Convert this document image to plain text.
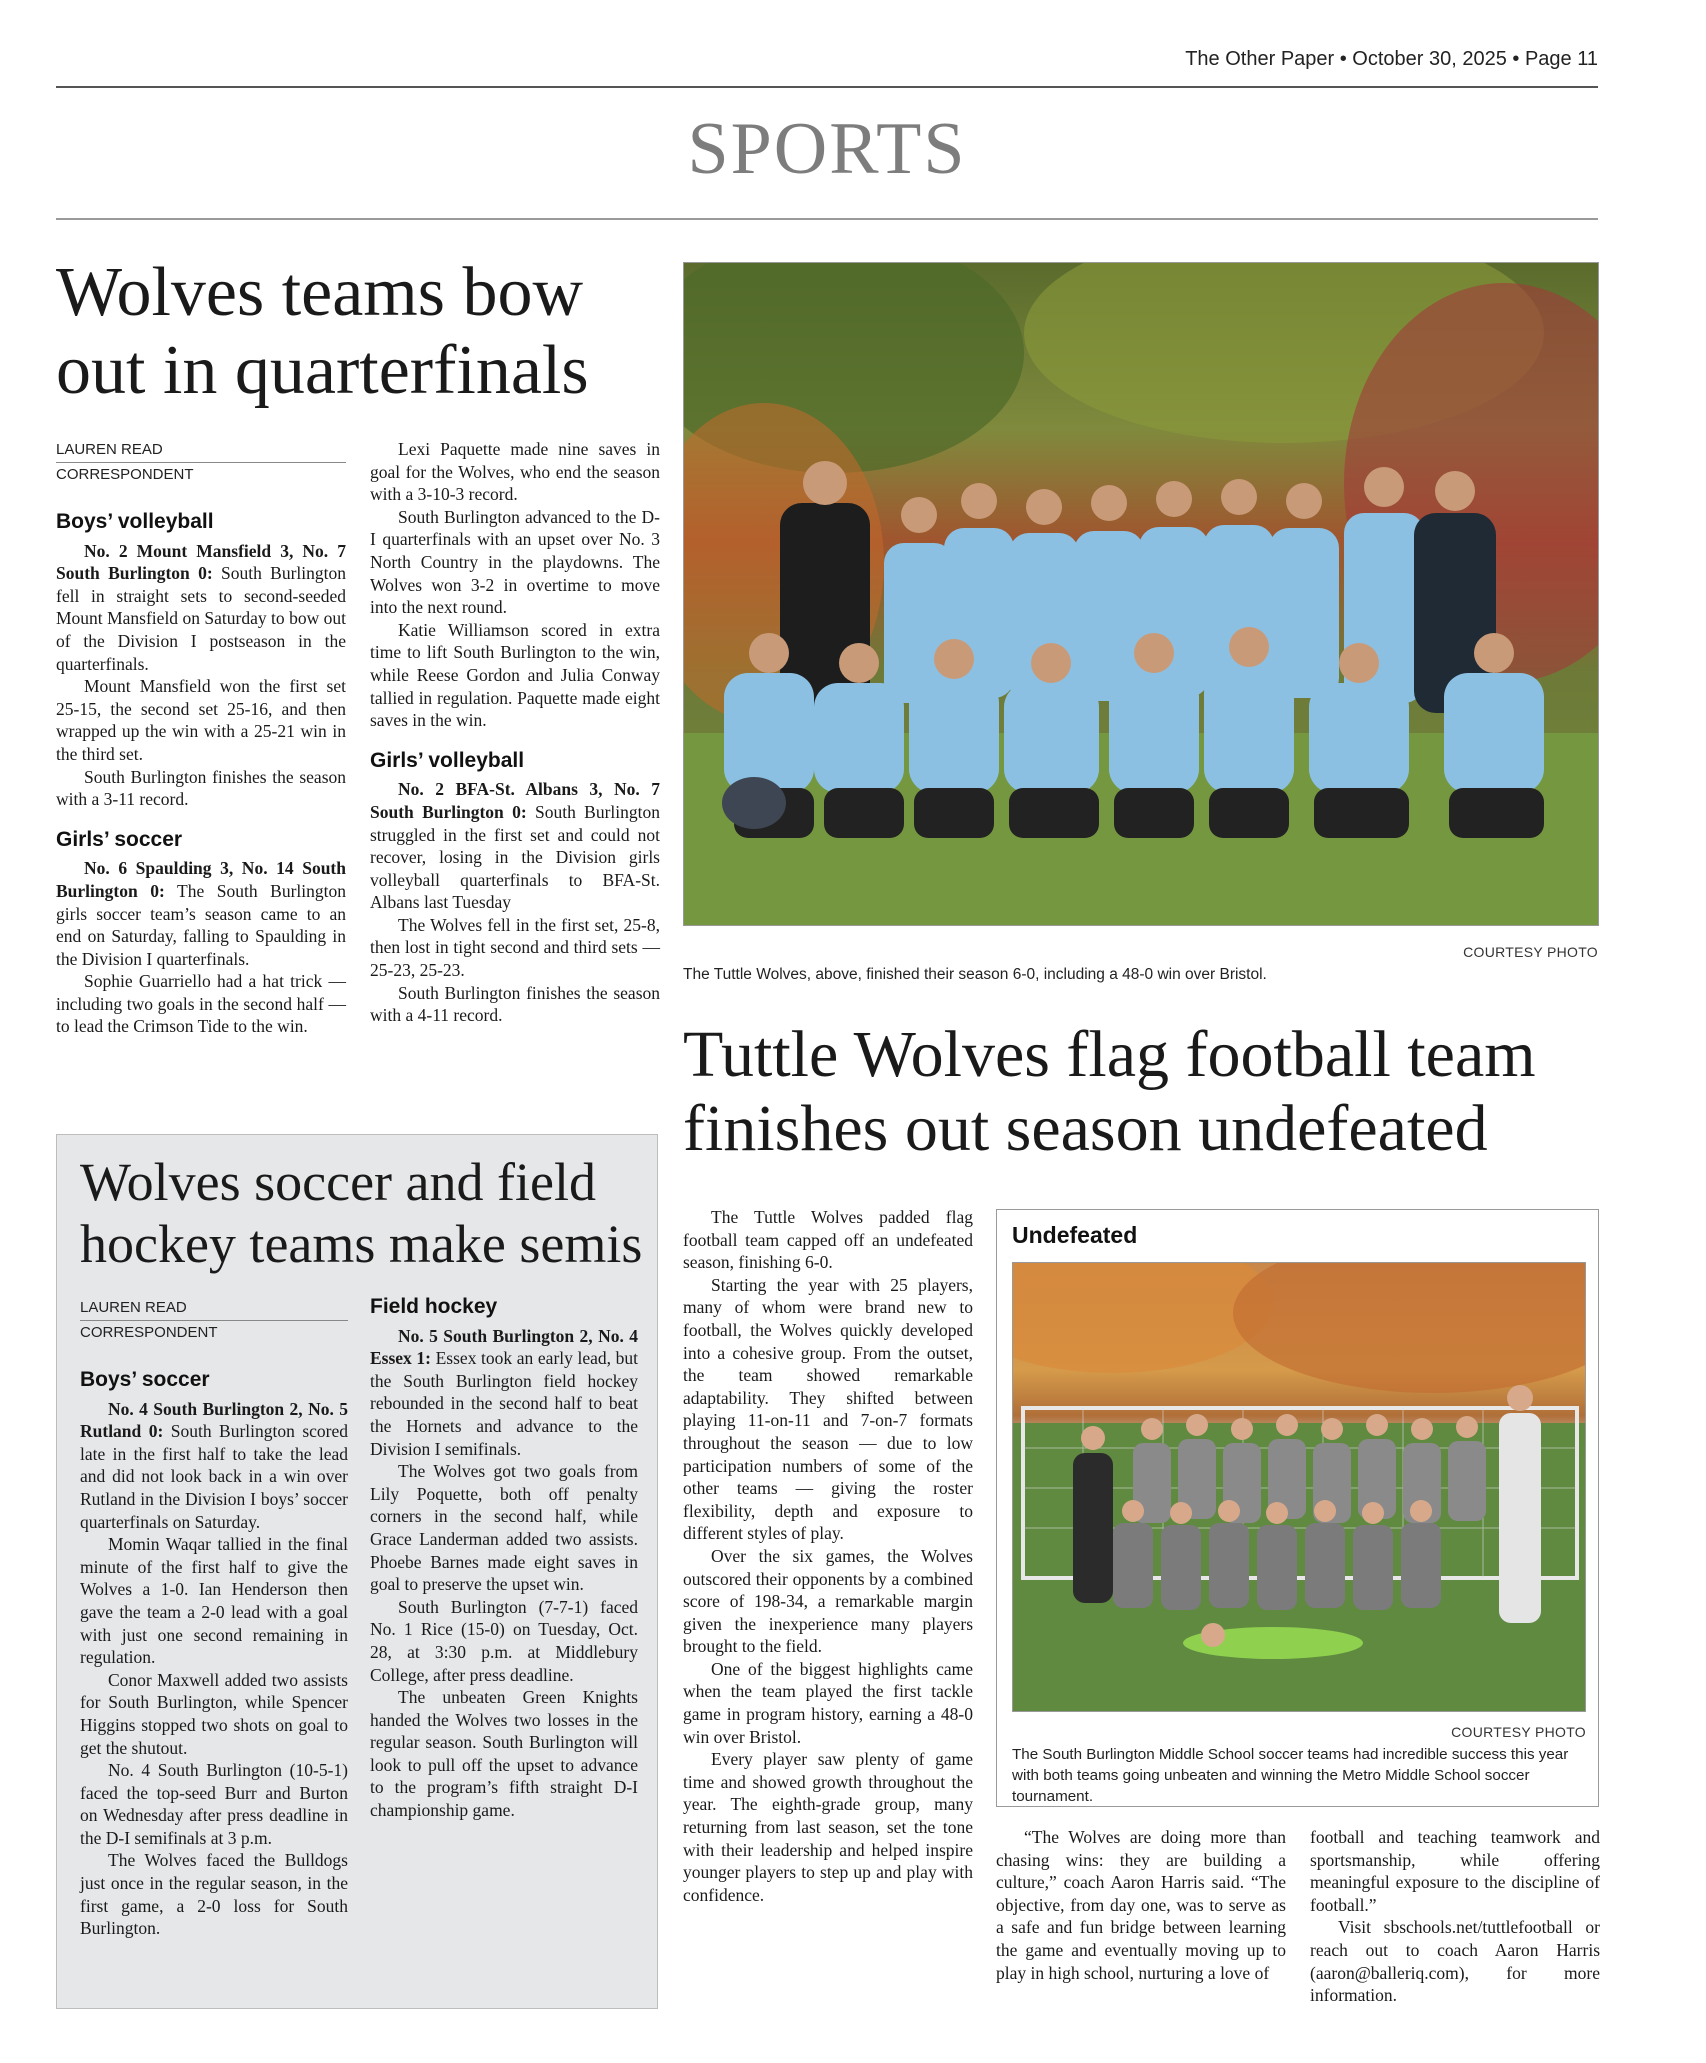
The Other Paper • October 30, 2025 • Page 11
SPORTS
Wolves teams bow out in quarterfinals
LAUREN READ
CORRESPONDENT
Boys’ volleyball

No. 2 Mount Mansfield 3, No. 7 South Burlington 0: South Burlington fell in straight sets to second-seeded Mount Mansfield on Saturday to bow out of the Division I postseason in the quarterfinals.

Mount Mansfield won the first set 25-15, the second set 25-16, and then wrapped up the win with a 25-21 win in the third set.

South Burlington finishes the season with a 3-11 record.

Girls’ soccer

No. 6 Spaulding 3, No. 14 South Burlington 0: The South Burlington girls soccer team’s season came to an end on Saturday, falling to Spaulding in the Division I quarterfinals.

Sophie Guarriello had a hat trick — including two goals in the second half — to lead the Crimson Tide to the win.

Lexi Paquette made nine saves in goal for the Wolves, who end the season with a 3-10-3 record.

South Burlington advanced to the D-I quarterfinals with an upset over No. 3 North Country in the playdowns. The Wolves won 3-2 in overtime to move into the next round.

Katie Williamson scored in extra time to lift South Burlington to the win, while Reese Gordon and Julia Conway tallied in regulation. Paquette made eight saves in the win.

Girls’ volleyball

No. 2 BFA-St. Albans 3, No. 7 South Burlington 0: South Burlington struggled in the first set and could not recover, losing in the Division girls volleyball quarterfinals to BFA-St. Albans last Tuesday

The Wolves fell in the first set, 25-8, then lost in tight second and third sets — 25-23, 25-23.

South Burlington finishes the season with a 4-11 record.

Wolves soccer and field hockey teams make semis
LAUREN READ
CORRESPONDENT
Boys’ soccer

No. 4 South Burlington 2, No. 5 Rutland 0: South Burlington scored late in the first half to take the lead and did not look back in a win over Rutland in the Division I boys’ soccer quarterfinals on Saturday.

Momin Waqar tallied in the final minute of the first half to give the Wolves a 1-0. Ian Henderson then gave the team a 2-0 lead with a goal with just one second remaining in regulation.

Conor Maxwell added two assists for South Burlington, while Spencer Higgins stopped two shots on goal to get the shutout.

No. 4 South Burlington (10-5-1) faced the top-seed Burr and Burton on Wednesday after press deadline in the D-I semifinals at 3 p.m.

The Wolves faced the Bulldogs just once in the regular season, in the first game, a 2-0 loss for South Burlington.

Field hockey

No. 5 South Burlington 2, No. 4 Essex 1: Essex took an early lead, but the South Burlington field hockey rebounded in the second half to beat the Hornets and advance to the Division I semifinals.

The Wolves got two goals from Lily Poquette, both off penalty corners in the second half, while Grace Landerman added two assists. Phoebe Barnes made eight saves in goal to preserve the upset win.

South Burlington (7-7-1) faced No. 1 Rice (15-0) on Tuesday, Oct. 28, at 3:30 p.m. at Middlebury College, after press deadline.

The unbeaten Green Knights handed the Wolves two losses in the regular season. South Burlington will look to pull off the upset to advance to the program’s fifth straight D-I championship game.

COURTESY PHOTO
The Tuttle Wolves, above, finished their season 6-0, including a 48-0 win over Bristol.
Tuttle Wolves flag football team finishes out season undefeated

The Tuttle Wolves padded flag football team capped off an undefeated season, finishing 6-0.

Starting the year with 25 players, many of whom were brand new to football, the Wolves quickly developed into a cohesive group. From the outset, the team showed remarkable adaptability. They shifted between playing 11-on-11 and 7-on-7 formats throughout the season — due to low participation numbers of some of the other teams — giving the roster flexibility, depth and exposure to different styles of play.

Over the six games, the Wolves outscored their opponents by a combined score of 198-34, a remarkable margin given the inexperience many players brought to the field.

One of the biggest highlights came when the team played the first tackle game in program history, earning a 48-0 win over Bristol.

Every player saw plenty of game time and showed growth throughout the year. The eighth-grade group, many returning from last season, set the tone with their leadership and helped inspire younger players to step up and play with confidence.

Undefeated
COURTESY PHOTO
The South Burlington Middle School soccer teams had incredible success this year with both teams going unbeaten and winning the Metro Middle School soccer tournament.

“The Wolves are doing more than chasing wins: they are building a culture,” coach Aaron Harris said. “The objective, from day one, was to serve as a safe and fun bridge between learning the game and eventually moving up to play in high school, nurturing a love of

football and teaching teamwork and sportsmanship, while offering meaningful exposure to the discipline of football.”

Visit sbschools.net/tuttlefootball or reach out to coach Aaron Harris (aaron@balleriq.com), for more information.
